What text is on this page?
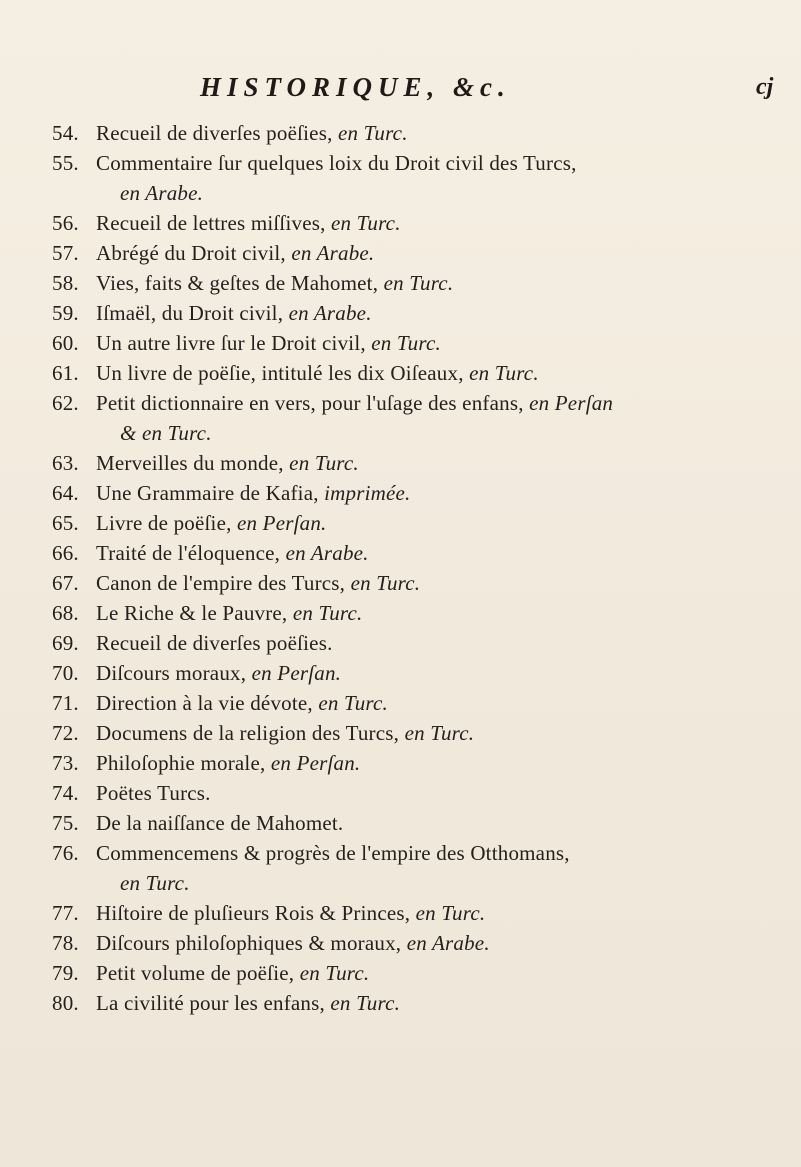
HISTORIQUE, &c.	cj
54. Recueil de diverſes poëſies, en Turc.
55. Commentaire ſur quelques loix du Droit civil des Turcs,
en Arabe.
56. Recueil de lettres miſſives, en Turc.
57. Abrégé du Droit civil, en Arabe.
58. Vies, faits & geſtes de Mahomet, en Turc.
59. Iſmaël, du Droit civil, en Arabe.
60. Un autre livre ſur le Droit civil, en Turc.
61. Un livre de poëſie, intitulé les dix Oiſeaux, en Turc.
62. Petit dictionnaire en vers, pour l'uſage des enfans, en Perſan
& en Turc.
63. Merveilles du monde, en Turc.
64. Une Grammaire de Kafia, imprimée.
65. Livre de poëſie, en Perſan.
66. Traité de l'éloquence, en Arabe.
67. Canon de l'empire des Turcs, en Turc.
68. Le Riche & le Pauvre, en Turc.
69. Recueil de diverſes poëſies.
70. Diſcours moraux, en Perſan.
71. Direction à la vie dévote, en Turc.
72. Documens de la religion des Turcs, en Turc.
73. Philoſophie morale, en Perſan.
74. Poëtes Turcs.
75. De la naiſſance de Mahomet.
76. Commencemens & progrès de l'empire des Otthomans,
en Turc.
77. Hiſtoire de pluſieurs Rois & Princes, en Turc.
78. Diſcours philoſophiques & moraux, en Arabe.
79. Petit volume de poëſie, en Turc.
80. La civilité pour les enfans, en Turc.
